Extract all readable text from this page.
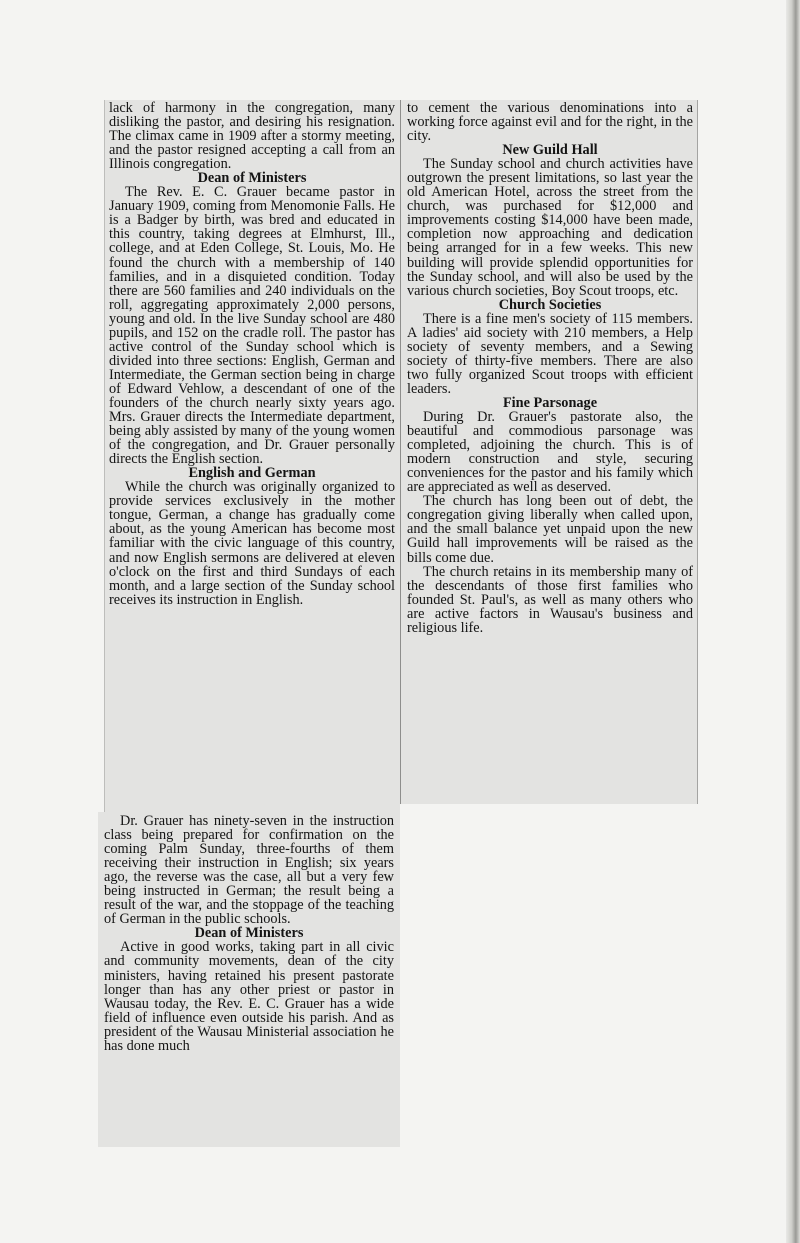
lack of harmony in the congregation, many disliking the pastor, and desiring his resignation. The climax came in 1909 after a stormy meeting, and the pastor resigned accepting a call from an Illinois congregation.

Dean of Ministers

The Rev. E. C. Grauer became pastor in January 1909, coming from Menomonie Falls. He is a Badger by birth, was bred and educated in this country, taking degrees at Elmhurst, Ill., college, and at Eden College, St. Louis, Mo. He found the church with a membership of 140 families, and in a disquieted condition. Today there are 560 families and 240 individuals on the roll, aggregating approximately 2,000 persons, young and old. In the live Sunday school are 480 pupils, and 152 on the cradle roll. The pastor has active control of the Sunday school which is divided into three sections: English, German and Intermediate, the German section being in charge of Edward Vehlow, a descendant of one of the founders of the church nearly sixty years ago. Mrs. Grauer directs the Intermediate department, being ably assisted by many of the young women of the congregation, and Dr. Grauer personally directs the English section.

English and German

While the church was originally organized to provide services exclusively in the mother tongue, German, a change has gradually come about, as the young American has become most familiar with the civic language of this country, and now English sermons are delivered at eleven o'clock on the first and third Sundays of each month, and a large section of the Sunday school receives its instruction in English.

Dr. Grauer has ninety-seven in the instruction class being prepared for confirmation on the coming Palm Sunday, three-fourths of them receiving their instruction in English; six years ago, the reverse was the case, all but a very few being instructed in German; the result being a result of the war, and the stoppage of the teaching of German in the public schools.

Dean of Ministers

Active in good works, taking part in all civic and community movements, dean of the city ministers, having retained his present pastorate longer than has any other priest or pastor in Wausau today, the Rev. E. C. Grauer has a wide field of influence even outside his parish. And as president of the Wausau Ministerial association he has done much

to cement the various denominations into a working force against evil and for the right, in the city.

New Guild Hall

The Sunday school and church activities have outgrown the present limitations, so last year the old American Hotel, across the street from the church, was purchased for $12,000 and improvements costing $14,000 have been made, completion now approaching and dedication being arranged for in a few weeks. This new building will provide splendid opportunities for the Sunday school, and will also be used by the various church societies, Boy Scout troops, etc.

Church Societies

There is a fine men's society of 115 members. A ladies' aid society with 210 members, a Help society of seventy members, and a Sewing society of thirty-five members. There are also two fully organized Scout troops with efficient leaders.

Fine Parsonage

During Dr. Grauer's pastorate also, the beautiful and commodious parsonage was completed, adjoining the church. This is of modern construction and style, securing conveniences for the pastor and his family which are appreciated as well as deserved.

The church has long been out of debt, the congregation giving liberally when called upon, and the small balance yet unpaid upon the new Guild hall improvements will be raised as the bills come due.

The church retains in its membership many of the descendants of those first families who founded St. Paul's, as well as many others who are active factors in Wausau's business and religious life.
